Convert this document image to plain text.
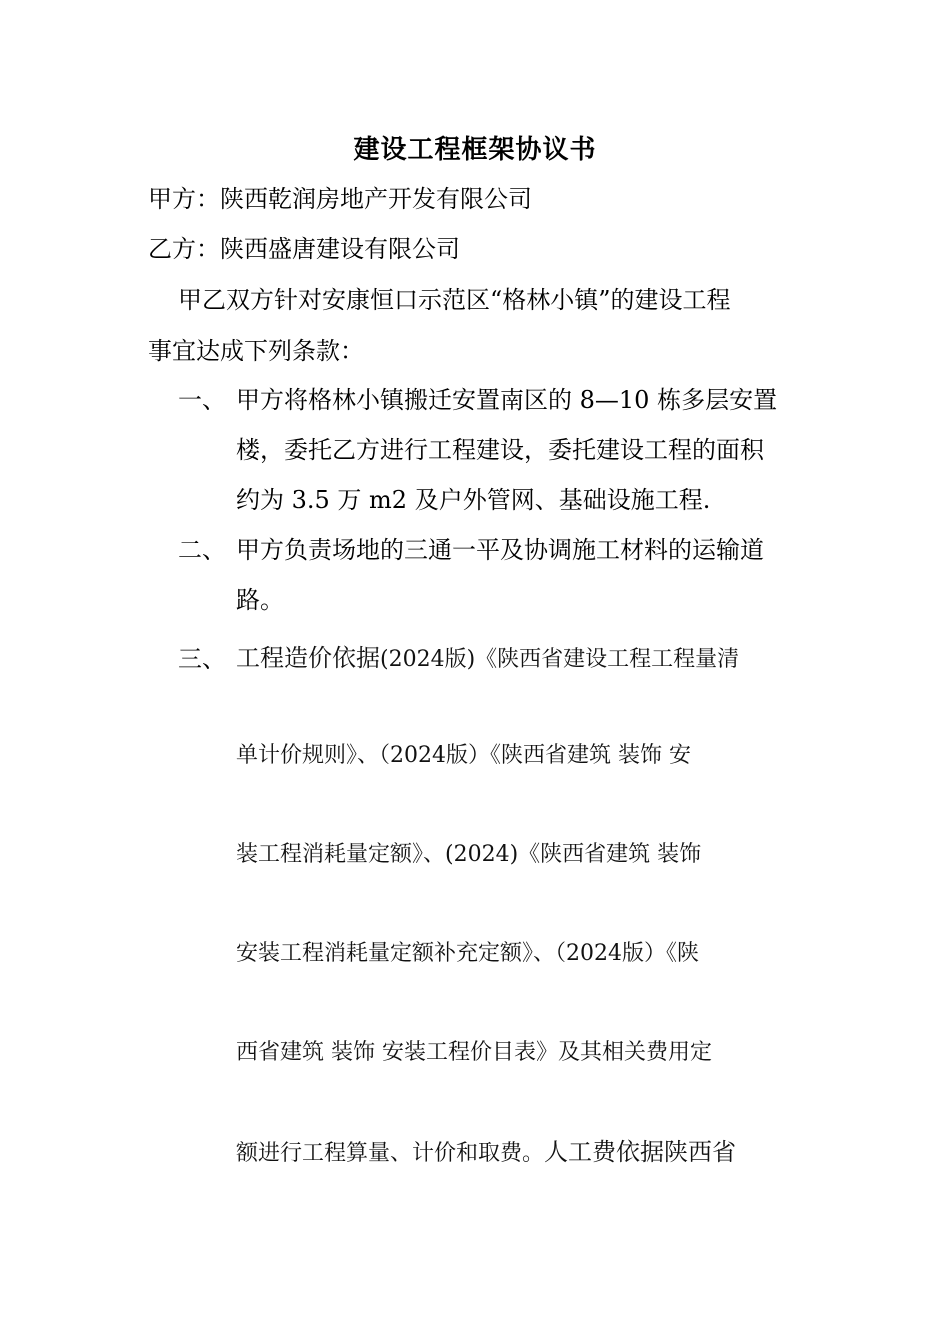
建设工程框架协议书
甲方：陕西乾润房地产开发有限公司
乙方：陕西盛唐建设有限公司
甲乙双方针对安康恒口示范区“格林小镇”的建设工程
事宜达成下列条款：
一、 甲方将格林小镇搬迁安置南区的 8—10 栋多层安置
楼，委托乙方进行工程建设，委托建设工程的面积
约为 3.5 万 m2 及户外管网、基础设施工程.
二、 甲方负责场地的三通一平及协调施工材料的运输道
路。
三、 工程造价依据(2024版)《陕西省建设工程工程量清
单计价规则》、（2024版）《陕西省建筑 装饰 安
装工程消耗量定额》、(2024)《陕西省建筑 装饰
安装工程消耗量定额补充定额》、（2024版）《陕
西省建筑 装饰 安装工程价目表》及其相关费用定
额进行工程算量、计价和取费。人工费依据陕西省
